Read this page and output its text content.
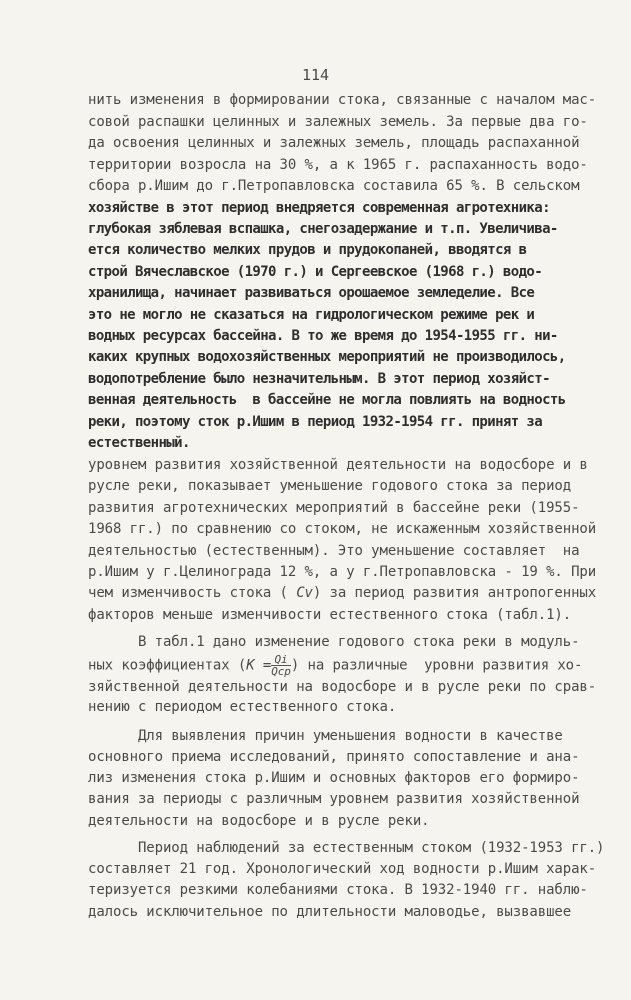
114
нить изменения в формировании стока, связанные с началом мас-
совой распашки целинных и залежных земель. За первые два го-
да освоения целинных и залежных земель, площадь распаханной
территории возросла на 30 %, а к 1965 г. распаханность водо-
сбора р.Ишим до г.Петропавловска составила 65 %. В сельском
хозяйстве в этот период внедряется современная агротехника:
глубокая зяблевая вспашка, снегозадержание и т.п. Увеличива-
ется количество мелких прудов и прудокопаней, вводятся в
строй Вячеславское (1970 г.) и Сергеевское (1968 г.) водо-
хранилища, начинает развиваться орошаемое земледелие. Все
это не могло не сказаться на гидрологическом режиме рек и
водных ресурсах бассейна. В то же время до 1954-1955 гг. ни-
каких крупных водохозяйственных мероприятий не производилось,
водопотребление было незначительным. В этот период хозяйст-
венная деятельность  в бассейне не могла повлиять на водность
реки, поэтому сток р.Ишим в период 1932-1954 гг. принят за
естественный.
уровнем развития хозяйственной деятельности на водосборе и в
русле реки, показывает уменьшение годового стока за период
развития агротехнических мероприятий в бассейне реки (1955-
1968 гг.) по сравнению со стоком, не искаженным хозяйственной
деятельностью (естественным). Это уменьшение составляет  на
р.Ишим у г.Целинограда 12 %, а у г.Петропавловска - 19 %. При
чем изменчивость стока ( Cv) за период развития антропогенных
факторов меньше изменчивости естественного стока (табл.1).
В табл.1 дано изменение годового стока реки в модуль-
ных коэффициентах ($K = \frac{Qi}{\text{Qср}}$ ) на различные  уровни развития хо-
зяйственной деятельности на водосборе и в русле реки по срав-
нению с периодом естественного стока.
Для выявления причин уменьшения водности в качестве
основного приема исследований, принято сопоставление и ана-
лиз изменения стока р.Ишим и основных факторов его формиро-
вания за периоды с различным уровнем развития хозяйственной
деятельности на водосборе и в русле реки.
Период наблюдений за естественным стоком (1932-1953 гг.)
составляет 21 год. Хронологический ход водности р.Ишим харак-
теризуется резкими колебаниями стока. В 1932-1940 гг. наблю-
далось исключительное по длительности маловодье, вызвавшее
